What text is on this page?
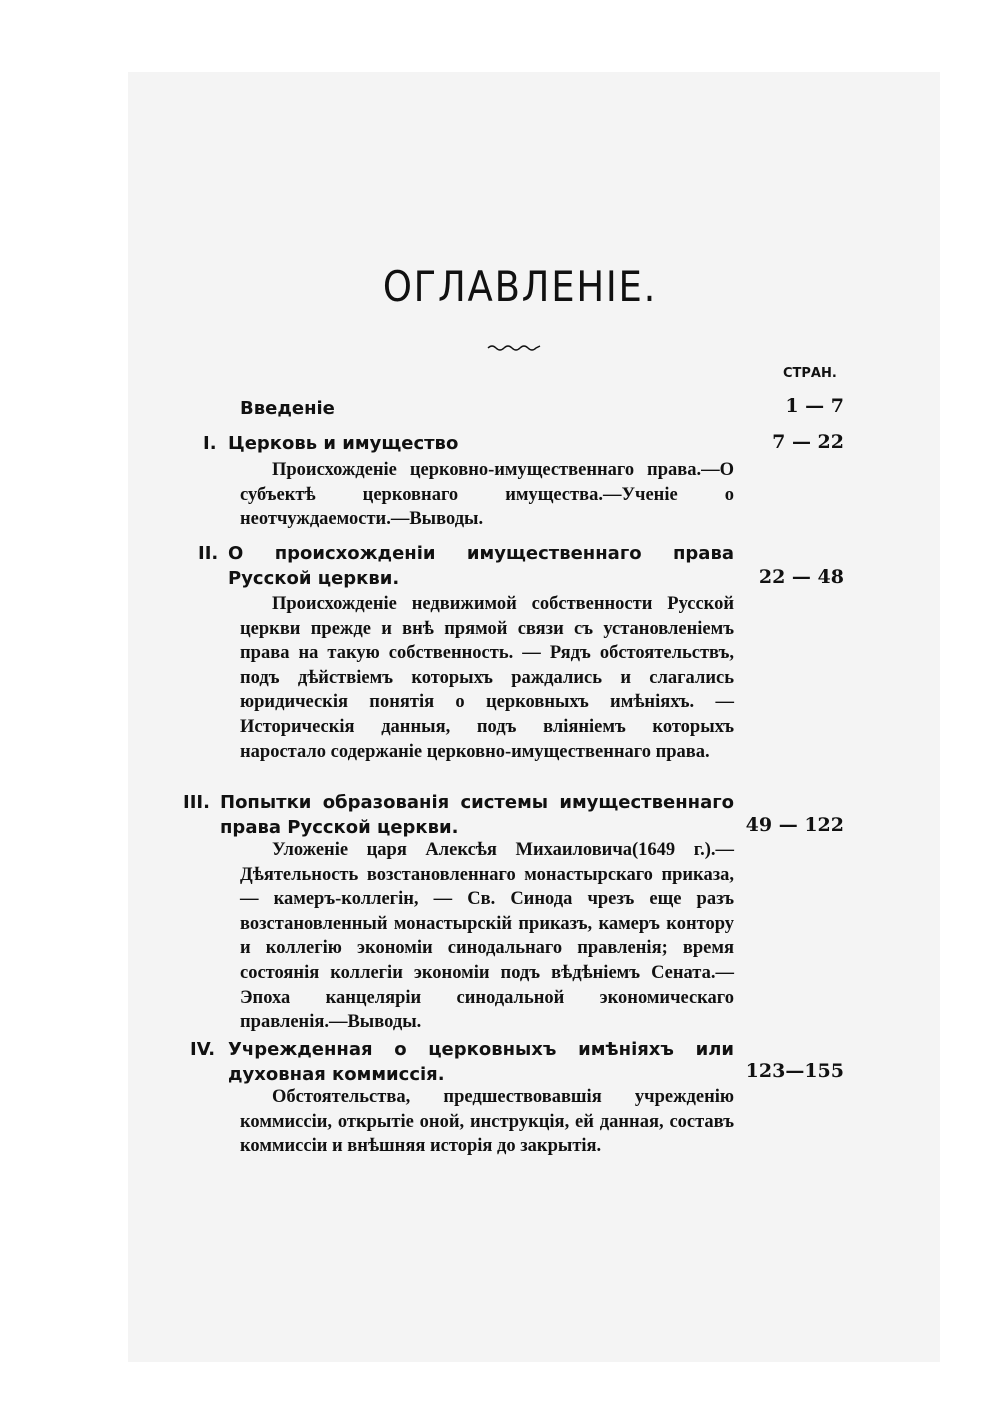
ОГЛАВЛЕНІЕ.
СТРАН.
Введеніе	1 — 7
I. Церковь и имущество	7 — 22
Происхожденіе церковно-имущественнаго права.—О субъектѣ церковнаго имущества.—Ученіе о неотчуждаемости.—Выводы.
II. О происхожденіи имущественнаго права Русской церкви.	22 — 48
Происхожденіе недвижимой собственности Русской церкви прежде и внѣ прямой связи съ установленіемъ права на такую собственность. — Рядъ обстоятельствъ, подъ дѣйствіемъ которыхъ раждались и слагались юридическія понятія о церковныхъ имѣніяхъ. — Историческія данныя, подъ вліяніемъ которыхъ наростало содержаніе церковно-имущественнаго права.
III. Попытки образованія системы имущественнаго права Русской церкви.	49 — 122
Уложеніе царя Алексѣя Михаиловича(1649 г.).—Дѣятельность возстановленнаго монастырскаго приказа, — камеръ-коллегін, — Св. Синода чрезъ еще разъ возстановленный монастырскій приказъ, камеръ контору и коллегію экономіи синодальнаго правленія; время состоянія коллегіи экономіи подъ вѣдѣніемъ Сената.—Эпоха канцеляріи синодальной экономическаго правленія.—Выводы.
IV. Учрежденная о церковныхъ имѣніяхъ или духовная коммиссія.	123—155
Обстоятельства, предшествовавшія учрежденію коммиссіи, открытіе оной, инструкція, ей данная, составъ коммиссіи и внѣшняя исторія до закрытія.
